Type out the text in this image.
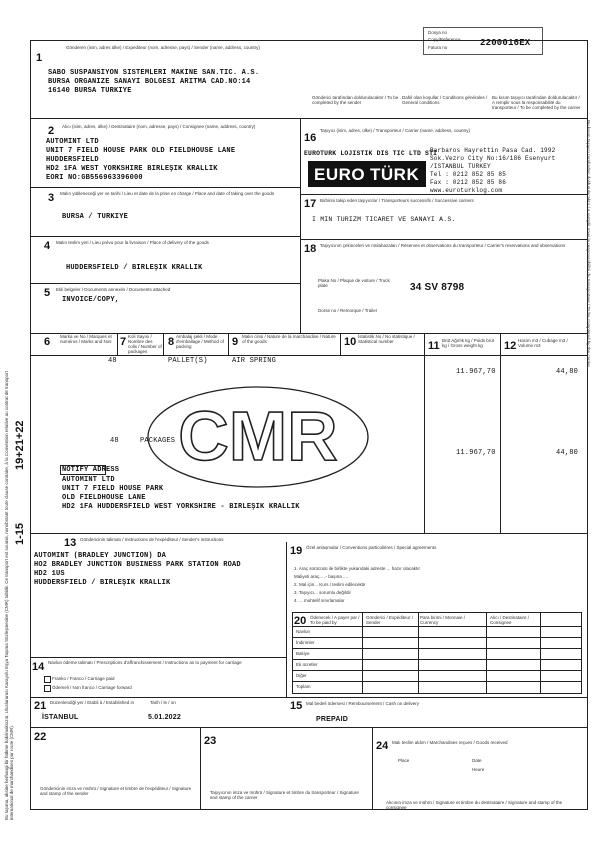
Dosya no
Copy/Reference
Fatura no	2200016EX
1
Gönderen (isim, adres ülke) / Expediteur (nom, adresse, pays) / Sender (name, address, country)
SABO SUSPANSIYON SISTEMLERI MAKINE SAN.TIC. A.S.
BURSA ORGANIZE SANAYI BOLGESI ARITMA CAD.NO:14
16140 BURSA TURKIYE
Gönderici tarafından doldurulacaktır / To be completed by the sender
Dahil olan koşullar / Conditions générales / General conditions
Bu kısım taşıyıcı tarafından doldurulacaktır / A remplir sous la responsabilité du transporteur / To be completed by the carrier
2 Alıcı (isim, adres, ülke) / Destinataire (nom, adresse, pays) / Consignee (name, address, country)
AUTOMINT LTD
UNIT 7 FIELD HOUSE PARK OLD FIELDHOUSE LANE
HUDDERSFIELD
HD2 1FA WEST YORKSHIRE BIRLEŞIK KRALLIK
EORI NO:GB556963396000
3 Malın yükleneceği yer ve tarihi / Lieu et date de la prise en charge / Place and date of taking over the goods
BURSA / TURKIYE
4 Malın teslim yeri / Lieu prévu pour la livraison / Place of delivery of the goods
HUDDERSFIELD / BIRLEŞIK KRALLIK
5 Ekli belgeler / Documents annexés / Documents attached
INVOICE/COPY,
16
Taşıyıcı (isim, adres, ülke) / Transporteur / Carrier (name, address, country)
EUROTURK LOJISTIK DIS TIC LTD STI
EURO TÜRK
Barbaros Hayrettin Pasa Cad. 1992
Sok.Vezro City No:16/186 Esenyurt
/ISTANBUL TURKEY
Tel : 0212 852 85 85
Fax : 0212 852 85 86
www.euroturklog.com
17 Birbirini takip eden taşıyıcılar / Transporteurs successifs / Successive carriers
I MIN TURIZM TICARET VE SANAYI A.S.
18 Taşıyıcının çekinceleri ve mülahazaları / Réserves et observations du transporteur / Carrier's reservations and observations
Plaka No / Plaque de voiture / Truck plate	34 SV 8798
Dorse no / Remorque / Trailer
6 Marka ve No / Marques et numéros / Marks and Nos 7 Koli Sayısı / Nombre des colis / Number of packages
8 Ambalaj şekli / Mode d'emballage / Method of packing	9 Malın cinsi / Nature de la marchandise / Nature of the goods	10 İstatistik No / No statistique / Statistical number	11 Brüt Ağırlık kg / Poids brut kg / Gross weight kg	12 Hacim m3 / Cubage m3 / Volume m3
48	PALLET(S)	AIR SPRING
11.967,70	44,80
CMR
48	PACKAGES
11.967,70	44,80
NOTIFY ADRESS
AUTOMINT LTD
UNIT 7 FIELD HOUSE PARK
OLD FIELDHOUSE LANE
HD2 1FA HUDDERSFIELD WEST YORKSHIRE - BIRLEŞIK KRALLIK
13 Göndericinin talimatı / Instructions de l'expéditeur / Sender's instructions
AUTOMINT (BRADLEY JUNCTION) DA
HO2 BRADLEY JUNCTION BUSINESS PARK STATION ROAD
HD2 1US
HUDDERSFIELD / BIRLEŞIK KRALLIK
19 Özel anlaşmalar / Conventions particulières / Special agreements
1. Araç sürücüsü ile birlikte yukarıdaki adreste ... hazır olacaktır
Maliyeti araç... ,- başına ....
2. Mal için... Kurs / teslim edilecektir
3. Taşıyıcı... sorumlu değildir
4. ... muhtelif sınırlamalar
20 Ödenecek / A payer par / To be paid by
Gönderici / Expéditeur / Sender
Para birimi / Monnaie / Currency
Alıcı / Destinataire / Consignee
Navlun
İndirimler
Bakiye
Ek ücretler
Diğer
Toplam
14 Navlun ödeme talimatı / Prescriptions d'affranchissement / Instructions as to payment for carriage
Franko / Franco / Carriage paid
Ödemeli / Non franco / Carriage forward
15 Mal bedeli ödemesi / Remboursement / Cash on delivery
PREPAID
21 Düzenlendiği yer / Etabli à / Established in	Tarih / le / on
İSTANBUL	5.01.2022
22
Göndericinin imza ve mührü / Signature et timbre de l'expéditeur / Signature and stamp of the sender
23
Taşıyıcının imza ve mührü / Signature et timbre du transporteur / Signature and stamp of the carrier
24 Malı teslim aldım / Marchandises reçues / Goods received
Place	Date
Heure
Alıcının imza ve mührü / Signature et timbre du destinataire / Signature and stamp of the consignee
Bu taşıma, aksine herhangi bir hükme bakılmaksızın, Uluslararası Karayolu Eşya Taşıma Sözleşmesine (CMR) tabidir. Ce transport est soumis, nonobstant toute clause contraire, à la Convention relative au contrat de transport international de marchandises par route (CMR).
1-15
19+21+22
Bu kısım taşıyıcı tarafından doldurulacaktır / A remplir sous la responsabilité du transporteur / To be completed by the carrier
